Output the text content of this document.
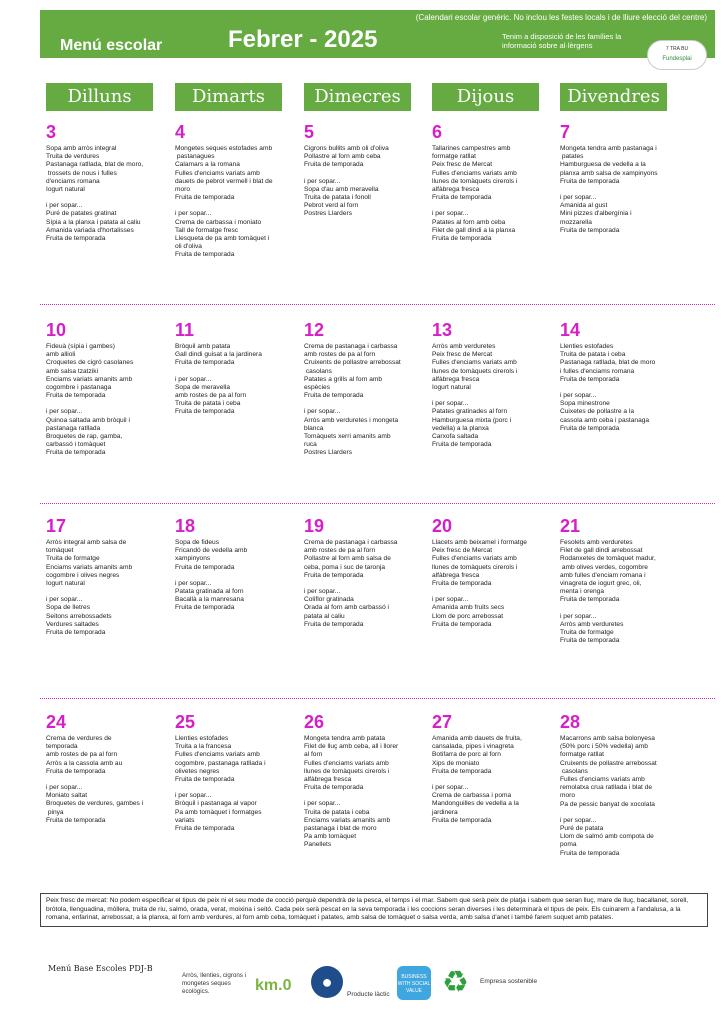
(Calendari escolar genèric. No inclou les festes locals i de lliure elecció del centre)
Menú escolar	Febrer - 2025	Tenim a disposició de les famílies la informació sobre al·lèrgens	7 TRA BU
Fundesplai
Dilluns	Dimarts	Dimecres	Dijous	Divendres
3
Sopa amb arròs integral
Truita de verdures
Pastanaga ratllada, blat de moro,
trossets de nous i fulles
d'enciams romana
Iogurt natural
i per sopar...
Puré de patates gratinat
Sípia a la planxa i patata al caliu
Amanida variada d'hortalisses
Fruita de temporada
4
Mongetes seques estofades amb
pastanagues
Calamars a la romana
Fulles d'enciams variats amb
dauets de pebrot vermell i blat de
moro
Fruita de temporada
i per sopar...
Crema de carbassa i moniato
Tall de formatge fresc
Llesqueta de pa amb tomàquet i
oli d'oliva
Fruita de temporada
5
Cigrons bullits amb oli d'oliva
Pollastre al forn amb ceba
Fruita de temporada
i per sopar...
Sopa d'au amb meravella
Truita de patata i fonoll
Pebrot verd al forn
Postres Llarders
6
Tallarines campestres amb
formatge ratllat
Peix fresc de Mercat
Fulles d'enciams variats amb
llunes de tomàquets cirerols i
alfàbrega fresca
Fruita de temporada
i per sopar...
Patates al forn amb ceba
Filet de gall dindi a la planxa
Fruita de temporada
7
Mongeta tendra amb pastanaga i
patates
Hamburguesa de vedella a la
planxa amb salsa de xampinyons
Fruita de temporada
i per sopar...
Amanida al gust
Mini pizzes d'albergínia i
mozzarella
Fruita de temporada
10
Fideuà (sípia i gambes)
amb allioli
Croquetes de cigró casolanes
amb salsa tzatziki
Enciams variats amanits amb
cogombre i pastanaga
Fruita de temporada
i per sopar...
Quinoa saltada amb bròquil i
pastanaga ratllada
Broquetes de rap, gamba,
carbassó i tomàquet
Fruita de temporada
11
Bròquil amb patata
Gall dindi guisat a la jardinera
Fruita de temporada
i per sopar...
Sopa de meravella
amb rostes de pa al forn
Truita de patata i ceba
Fruita de temporada
12
Crema de pastanaga i carbassa
amb rostes de pa al forn
Cruixents de pollastre arrebossat
casolans
Patates a grills al forn amb
espècies
Fruita de temporada
i per sopar...
Arròs amb verduretes i mongeta
blanca
Tomàquets xerri amanits amb
ruca
Postres Llarders
13
Arròs amb verduretes
Peix fresc de Mercat
Fulles d'enciams variats amb
llunes de tomàquets cirerols i
alfàbrega fresca
Iogurt natural
i per sopar...
Patates gratinades al forn
Hamburguesa mixta (porc i
vedella) a la planxa
Carxofa saltada
Fruita de temporada
14
Llenties estofades
Truita de patata i ceba
Pastanaga ratllada, blat de moro
i fulles d'enciams romana
Fruita de temporada
i per sopar...
Sopa minestrone
Cuixetes de pollastre a la
cassola amb ceba i pastanaga
Fruita de temporada
17
Arròs integral amb salsa de
tomàquet
Truita de formatge
Enciams variats amanits amb
cogombre i olives negres
Iogurt natural
i per sopar...
Sopa de lletres
Seitons arrebossadets
Verdures saltades
Fruita de temporada
18
Sopa de fideus
Fricandó de vedella amb
xampinyons
Fruita de temporada
i per sopar...
Patata gratinada al forn
Bacallà a la manresana
Fruita de temporada
19
Crema de pastanaga i carbassa
amb rostes de pa al forn
Pollastre al forn amb salsa de
ceba, poma i suc de taronja
Fruita de temporada
i per sopar...
Coliflor gratinada
Orada al forn amb carbassó i
patata al caliu
Fruita de temporada
20
Llacets amb beixamel i formatge
Peix fresc de Mercat
Fulles d'enciams variats amb
llunes de tomàquets cirerols i
alfàbrega fresca
Fruita de temporada
i per sopar...
Amanida amb fruits secs
Llom de porc arrebossat
Fruita de temporada
21
Fesolets amb verduretes
Filet de gall dindi arrebossat
Rodanxetes de tomàquet madur,
amb olives verdes, cogombre
amb fulles d'enciam romana i
vinagreta de iogurt grec, oli,
menta i orenga
Fruita de temporada
i per sopar...
Arròs amb verduretes
Truita de formatge
Fruita de temporada
24
Crema de verdures de
temporada
amb rostes de pa al forn
Arròs a la cassola amb au
Fruita de temporada
i per sopar...
Moniato saltat
Broquetes de verdures, gambes i
pinya
Fruita de temporada
25
Llenties estofades
Truita a la francesa
Fulles d'enciams variats amb
cogombre, pastanaga ratllada i
olivetes negres
Fruita de temporada
i per sopar...
Bròquil i pastanaga al vapor
Pa amb tomàquet i formatges
variats
Fruita de temporada
26
Mongeta tendra amb patata
Filet de lluç amb ceba, all i llorer
al forn
Fulles d'enciams variats amb
llunes de tomàquets cirerols i
alfàbrega fresca
Fruita de temporada
i per sopar...
Truita de patata i ceba
Enciams variats amanits amb
pastanaga i blat de moro
Pa amb tomàquet
Panellets
27
Amanida amb dauets de fruita,
cansalada, pipes i vinagreta
Botifarra de porc al forn
Xips de moniato
Fruita de temporada
i per sopar...
Crema de carbassa i poma
Mandonguilles de vedella a la
jardinera
Fruita de temporada
28
Macarrons amb salsa bolonyesa
(50% porc i 50% vedella) amb
formatge ratllat
Cruixents de pollastre arrebossat
casolans
Fulles d'enciams variats amb
remolatxa crua ratllada i blat de
moro
Pa de pessic banyat de xocolata
i per sopar...
Puré de patata
Llom de salmó amb compota de
poma
Fruita de temporada
Peix fresc de mercat: No podem especificar el tipus de peix ni el seu mode de cocció perquè dependrà de la pesca, el temps i el mar. Sabem que serà peix de platja i sabem que seran lluç, mare de lluç, bacallanet, sorell, bròtola, llenguadina, mòllera, truita de riu, salmó, orada, verat, moixina i seitó. Cada peix serà pescat en la seva temporada i les coccions seran diverses i les determinarà el tipus de peix. Els cuinarem a l'andalusa, a la romana, enfarinat, arrebossat, a la planxa, al forn amb verdures, al forn amb ceba, tomàquet i patates, amb salsa de tomàquet o salsa verda, amb salsa d'anet i també farem suquet amb patates.
Menú Base Escoles PDJ-B
Arròs, llenties, cigrons i mongetes seques ecològics.	km.0	●
Producte làctic
BUSINESS WITH SOCIAL VALUE ♻ Empresa sostenible
